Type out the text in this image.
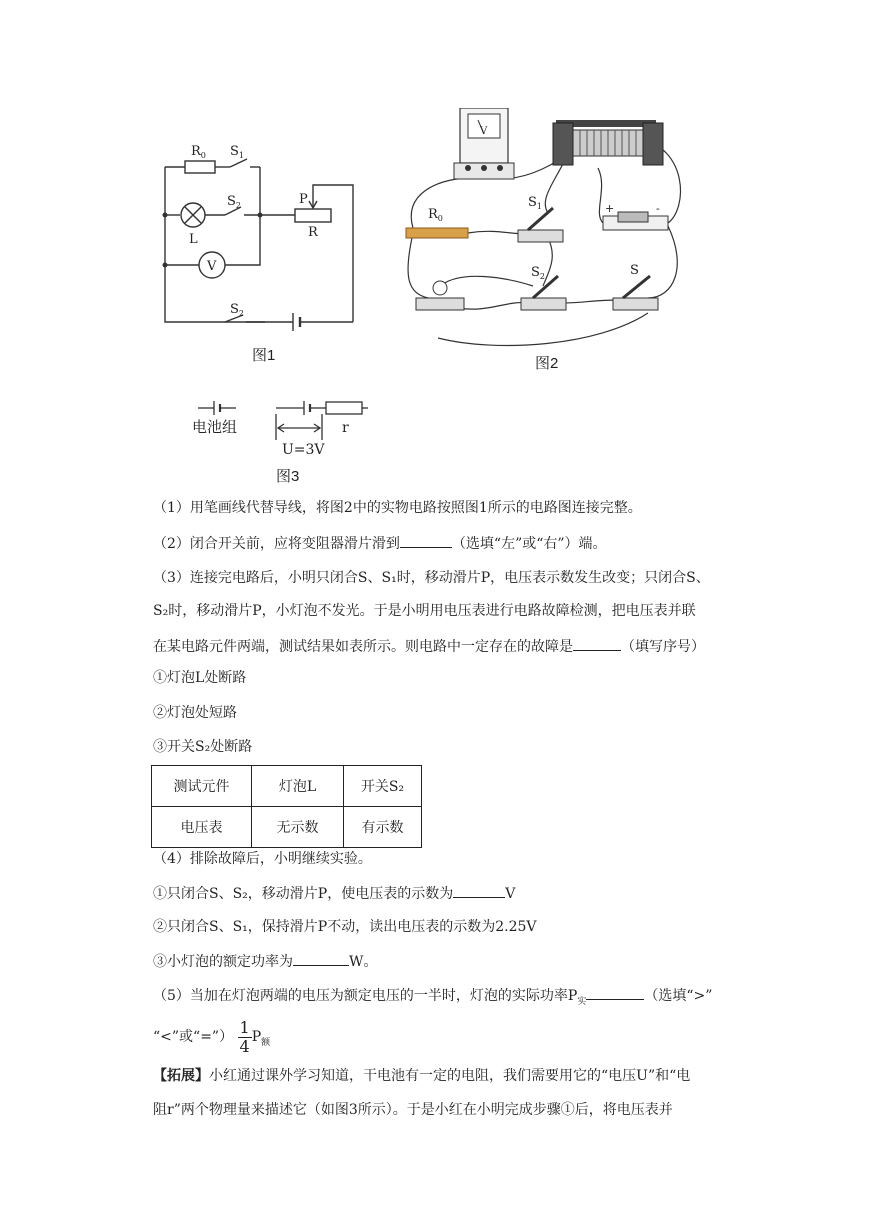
$R_0$ $S_1$
$S_2$	P
R
L
V
$S_2$
图1
V
$R_0$
$S_1$
$S_2$	S
+	-
图2
电池组
U=3V
r
图3
（1）用笔画线代替导线，将图2中的实物电路按照图1所示的电路图连接完整。
（2）闭合开关前，应将变阻器滑片滑到	（选填“左”或“右”）端。
（3）连接完电路后，小明只闭合S、S₁时，移动滑片P，电压表示数发生改变；只闭合S、
S₂时，移动滑片P，小灯泡不发光。于是小明用电压表进行电路故障检测，把电压表并联
在某电路元件两端，测试结果如表所示。则电路中一定存在的故障是	（填写序号）
①灯泡L处断路
②灯泡处短路
③开关S₂处断路
测试元件	灯泡L	开关S₂
电压表	无示数	有示数
（4）排除故障后，小明继续实验。
①只闭合S、S₂，移动滑片P，使电压表的示数为	V
②只闭合S、S₁，保持滑片P不动，读出电压表的示数为2.25V
③小灯泡的额定功率为	W。
（5）当加在灯泡两端的电压为额定电压的一半时，灯泡的实际功率$P_实$	（选填“>”
“<”或“=”） $\frac{1}{4} P_额$
【拓展】小红通过课外学习知道，干电池有一定的电阻，我们需要用它的“电压U”和“电
阻r”两个物理量来描述它（如图3所示）。于是小红在小明完成步骤①后，将电压表并
